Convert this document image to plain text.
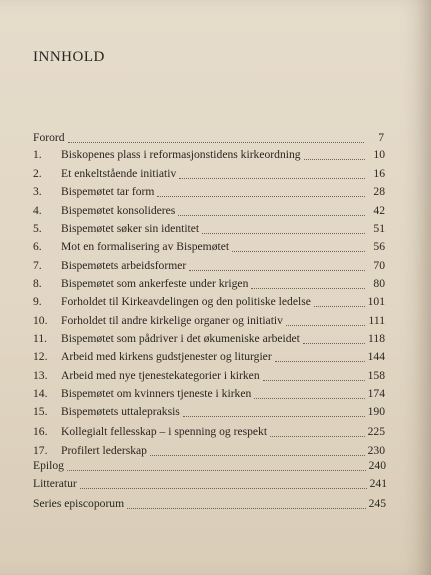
INNHOLD
Forord	7
1.	Biskopenes plass i reformasjonstidens kirkeordning	10
2.	Et enkeltstående initiativ	16
3.	Bispemøtet tar form	28
4.	Bispemøtet konsolideres	42
5.	Bispemøtet søker sin identitet	51
6.	Mot en formalisering av Bispemøtet	56
7.	Bispemøtets arbeidsformer	70
8.	Bispemøtet som ankerfeste under krigen	80
9.	Forholdet til Kirkeavdelingen og den politiske ledelse	101
10.	Forholdet til andre kirkelige organer og initiativ	111
11.	Bispemøtet som pådriver i det økumeniske arbeidet	118
12.	Arbeid med kirkens gudstjenester og liturgier	144
13.	Arbeid med nye tjenestekategorier i kirken	158
14.	Bispemøtet om kvinners tjeneste i kirken	174
15.	Bispemøtets uttalepraksis	190
16.	Kollegialt fellesskap – i spenning og respekt	225
17.	Profilert lederskap	230
Epilog	240
Litteratur	241
Series episcoporum	245
